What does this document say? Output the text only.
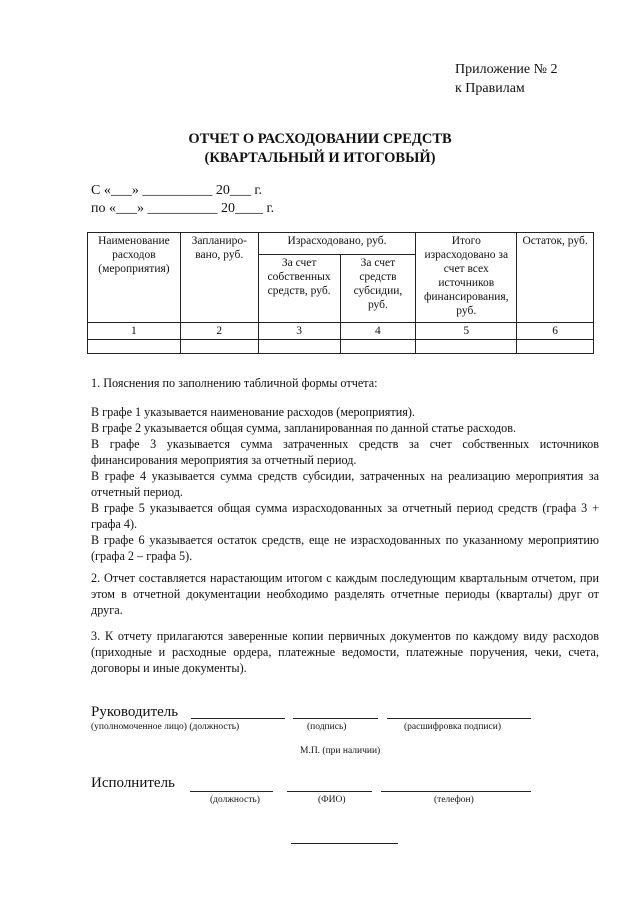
Приложение № 2
к Правилам
ОТЧЕТ О РАСХОДОВАНИИ СРЕДСТВ
(КВАРТАЛЬНЫЙ И ИТОГОВЫЙ)
С «___» __________ 20___ г.
по «___» __________ 20____ г.
Наименование расходов (мероприятия)	Запланиро-вано, руб.	Израсходовано, руб.		Итого израсходовано за счет всех источников финансирования, руб.	Остаток, руб.
		За счет собственных средств, руб.	За счет средств субсидии, руб.		
1	2	3	4	5	6

1. Пояснения по заполнению табличной формы отчета:
В графе 1 указывается наименование расходов (мероприятия).
В графе 2 указывается общая сумма, запланированная по данной статье расходов.
В графе 3 указывается сумма затраченных средств за счет собственных источников финансирования мероприятия за отчетный период.
В графе 4 указывается сумма средств субсидии, затраченных на реализацию мероприятия за отчетный период.
В графе 5 указывается общая сумма израсходованных за отчетный период средств (графа 3 + графа 4).
В графе 6 указывается остаток средств, еще не израсходованных по указанному мероприятию (графа 2 – графа 5).
2. Отчет составляется нарастающим итогом с каждым последующим квартальным отчетом, при этом в отчетной документации необходимо разделять отчетные периоды (кварталы) друг от друга.
3. К отчету прилагаются заверенные копии первичных документов по каждому виду расходов (приходные и расходные ордера, платежные ведомости, платежные поручения, чеки, счета, договоры и иные документы).
Руководитель
(уполномоченное лицо) (должность)	(подпись)	(расшифровка подписи)
М.П. (при наличии)
Исполнитель
(должность)	(ФИО)	(телефон)
